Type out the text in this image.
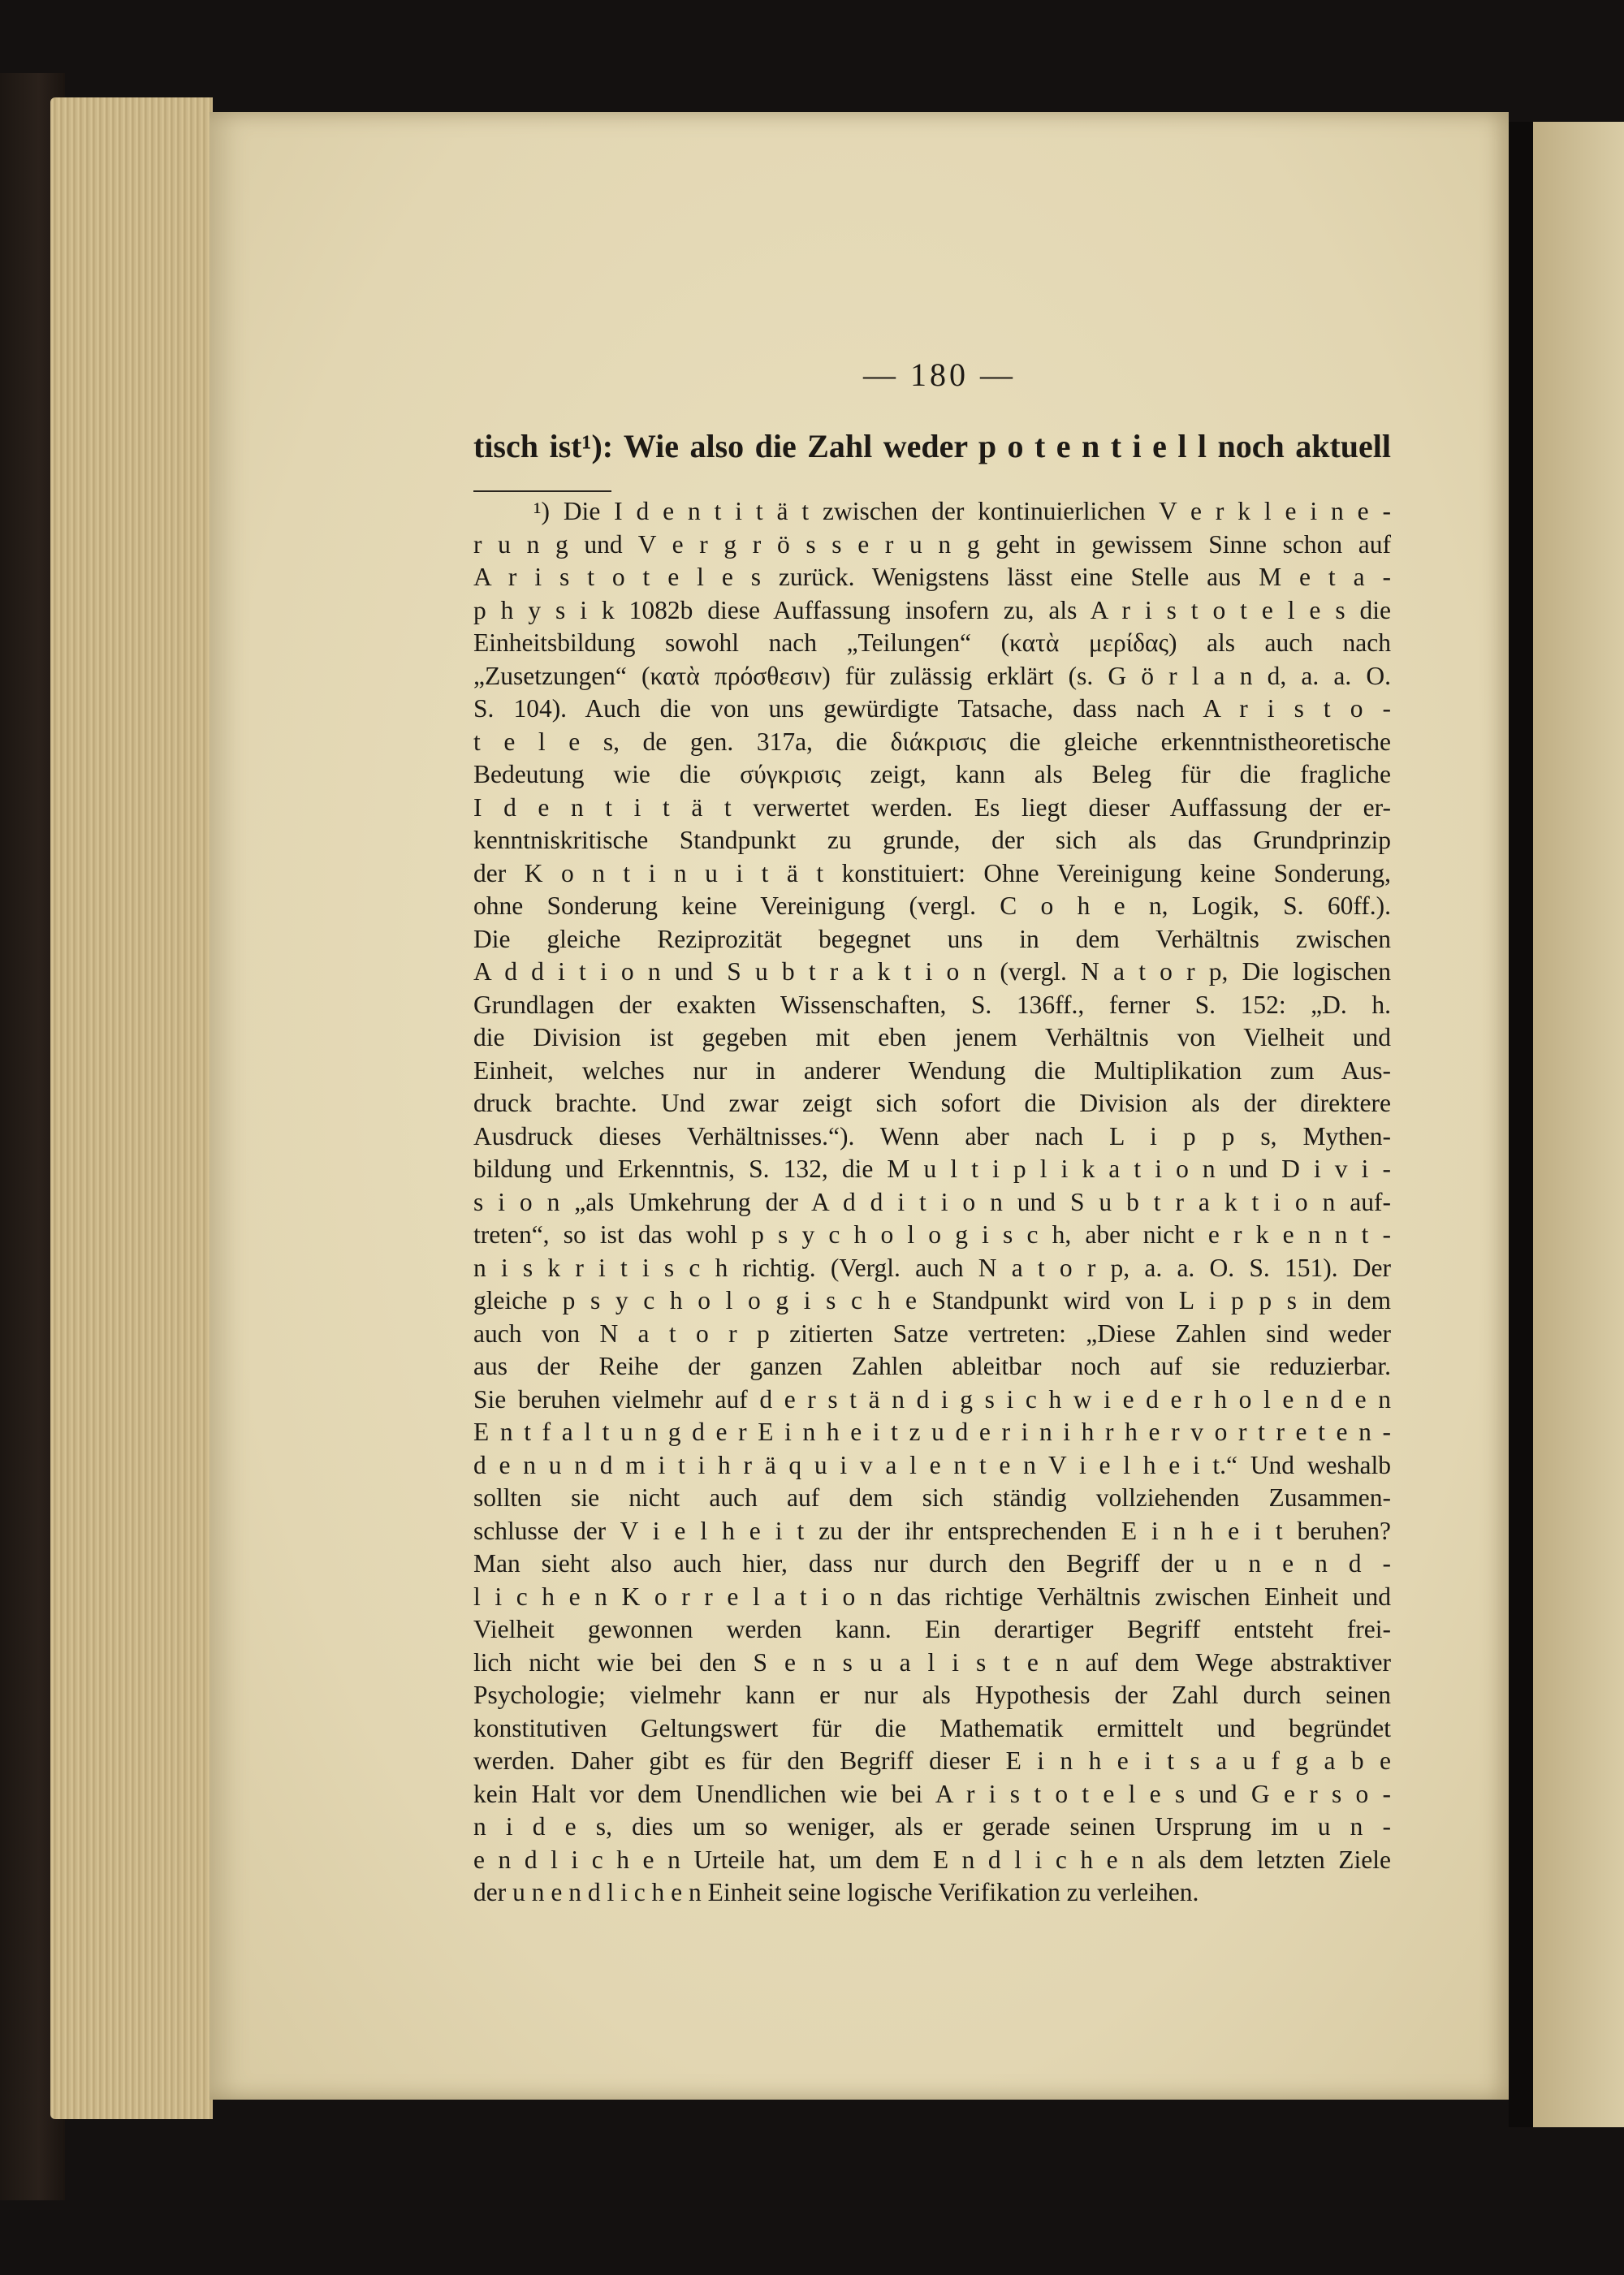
— 180 —

tisch ist¹): Wie also die Zahl weder p o t e n t i e l l noch aktuell

¹) Die I d e n t i t ä t zwischen der kontinuierlichen V e r k l e i n e -

r u n g und V e r g r ö s s e r u n g geht in gewissem Sinne schon auf

A r i s t o t e l e s zurück. Wenigstens lässt eine Stelle aus M e t a -

p h y s i k 1082b diese Auffassung insofern zu, als A r i s t o t e l e s die

Einheitsbildung sowohl nach „Teilungen“ (κατὰ μερίδας) als auch nach

„Zusetzungen“ (κατὰ πρόσθεσιν) für zulässig erklärt (s. G ö r l a n d, a. a. O.

S. 104). Auch die von uns gewürdigte Tatsache, dass nach A r i s t o -

t e l e s, de gen. 317a, die διάκρισις die gleiche erkenntnistheoretische

Bedeutung wie die σύγκρισις zeigt, kann als Beleg für die fragliche

I d e n t i t ä t verwertet werden. Es liegt dieser Auffassung der er-

kenntniskritische Standpunkt zu grunde, der sich als das Grundprinzip

der K o n t i n u i t ä t konstituiert: Ohne Vereinigung keine Sonderung,

ohne Sonderung keine Vereinigung (vergl. C o h e n, Logik, S. 60ff.).

Die gleiche Reziprozität begegnet uns in dem Verhältnis zwischen

A d d i t i o n und S u b t r a k t i o n (vergl. N a t o r p, Die logischen

Grundlagen der exakten Wissenschaften, S. 136ff., ferner S. 152: „D. h.

die Division ist gegeben mit eben jenem Verhältnis von Vielheit und

Einheit, welches nur in anderer Wendung die Multiplikation zum Aus-

druck brachte. Und zwar zeigt sich sofort die Division als der direktere

Ausdruck dieses Verhältnisses.“). Wenn aber nach L i p p s, Mythen-

bildung und Erkenntnis, S. 132, die M u l t i p l i k a t i o n und D i v i -

s i o n „als Umkehrung der A d d i t i o n und S u b t r a k t i o n auf-

treten“, so ist das wohl p s y c h o l o g i s c h, aber nicht e r k e n n t -

n i s k r i t i s c h richtig. (Vergl. auch N a t o r p, a. a. O. S. 151). Der

gleiche p s y c h o l o g i s c h e Standpunkt wird von L i p p s in dem

auch von N a t o r p zitierten Satze vertreten: „Diese Zahlen sind weder

aus der Reihe der ganzen Zahlen ableitbar noch auf sie reduzierbar.

Sie beruhen vielmehr auf d e r s t ä n d i g s i c h w i e d e r h o l e n d e n

E n t f a l t u n g d e r E i n h e i t z u d e r i n i h r h e r v o r t r e t e n -

d e n u n d m i t i h r ä q u i v a l e n t e n V i e l h e i t.“ Und weshalb

sollten sie nicht auch auf dem sich ständig vollziehenden Zusammen-

schlusse der V i e l h e i t zu der ihr entsprechenden E i n h e i t beruhen?

Man sieht also auch hier, dass nur durch den Begriff der u n e n d -

l i c h e n K o r r e l a t i o n das richtige Verhältnis zwischen Einheit und

Vielheit gewonnen werden kann. Ein derartiger Begriff entsteht frei-

lich nicht wie bei den S e n s u a l i s t e n auf dem Wege abstraktiver

Psychologie; vielmehr kann er nur als Hypothesis der Zahl durch seinen

konstitutiven Geltungswert für die Mathematik ermittelt und begründet

werden. Daher gibt es für den Begriff dieser E i n h e i t s a u f g a b e

kein Halt vor dem Unendlichen wie bei A r i s t o t e l e s und G e r s o -

n i d e s, dies um so weniger, als er gerade seinen Ursprung im u n -

e n d l i c h e n Urteile hat, um dem E n d l i c h e n als dem letzten Ziele

der u n e n d l i c h e n Einheit seine logische Verifikation zu verleihen.
